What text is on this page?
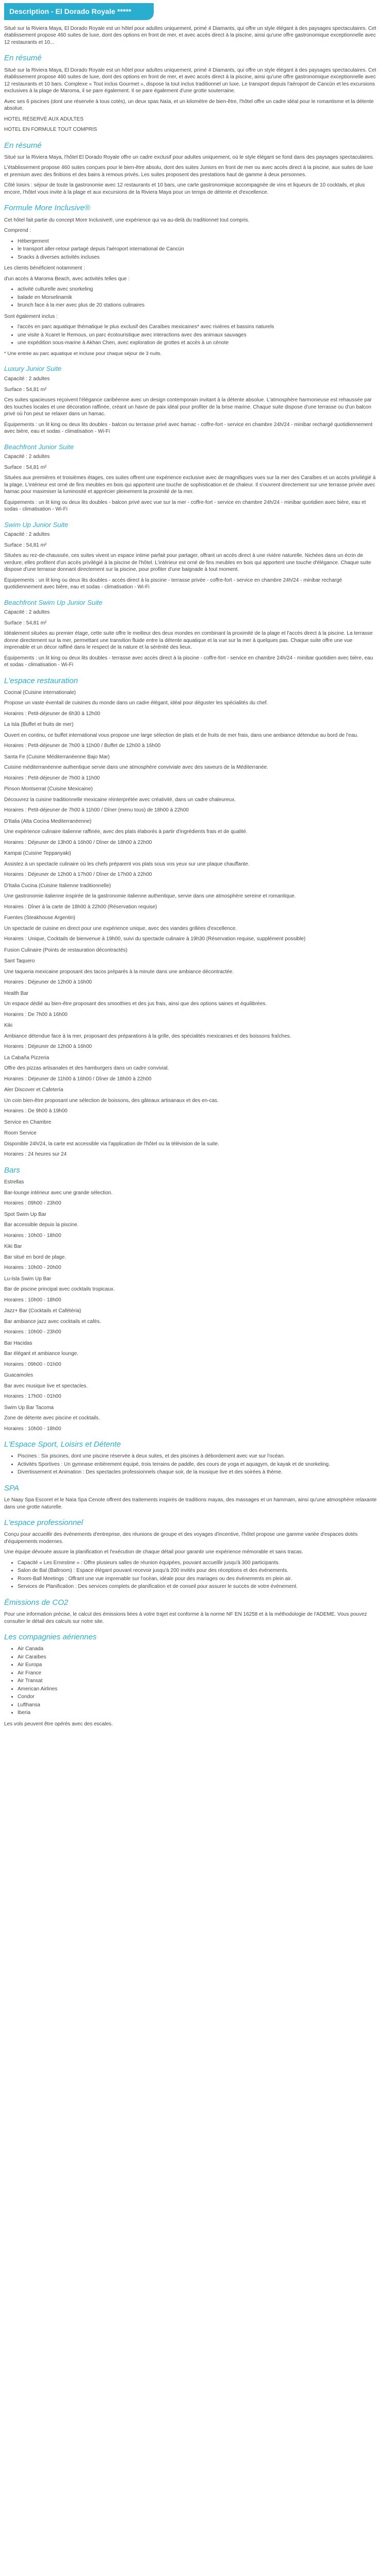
Description - El Dorado Royale *****

Situé sur la Riviera Maya, El Dorado Royale est un hôtel pour adultes uniquement, primé 4 Diamants, qui offre un style élégant à des paysages spectaculaires. Cet établissement propose 460 suites de luxe, dont des options en front de mer, et avec accès direct à la piscine, ainsi qu'une offre gastronomique exceptionnelle avec 12 restaurants et 10...

En résumé

Situé sur la Riviera Maya, El Dorado Royale est un hôtel pour adultes uniquement, primé 4 Diamants, qui offre un style élégant à des paysages spectaculaires. Cet établissement propose 460 suites de luxe, dont des options en front de mer, et avec accès direct à la piscine, ainsi qu'une offre gastronomique exceptionnelle avec 12 restaurants et 10 bars. Complexe « Tout inclus Gourmet », dispose la tout inclus traditionnel un luxe. Le transport depuis l'aéroport de Cancún et les excursions exclusives à la plage de Maroma, il se pare également. Il se pare également d'une grotte souterraine.

Avec ses 6 piscines (dont une réservée à tous cotés), un deux spas Naïa, et un kilomètre de bien-être, l'hôtel offre un cadre idéal pour le romantisme et la détente absolue.

HOTEL RÉSERVÉ AUX ADULTES

HOTEL EN FORMULE TOUT COMPRIS

En résumé

Situé sur la Riviera Maya, l'hôtel El Dorado Royale offre un cadre exclusif pour adultes uniquement, où le style élégant se fond dans des paysages spectaculaires.

L'établissement propose 460 suites conçues pour le bien-être absolu, dont des suites Juniors en front de mer ou avec accès direct à la piscine, aux suites de luxe et premium avec des finitions et des bains à remous privés. Les suites proposent des prestations haut de gamme à deux personnes.

Côté loisirs : séjour de toute la gastronomie avec 12 restaurants et 10 bars, une carte gastronomique accompagnée de vins et liqueurs de 10 cocktails, et plus encore, l'hôtel vous invite à la plage et aux excursions de la Riviera Maya pour un temps de détente et d'excellence.

Formule More Inclusive®

Cet hôtel fait partie du concept More Inclusive®, une expérience qui va au-delà du traditionnel tout compris.

Comprend :

• Hébergement
• le transport aller-retour partagé depuis l'aéroport international de Cancún
• Snacks à diverses activités incluses

Les clients bénéficient notamment :

d'un accès à Maroma Beach, avec activités telles que :

• activité culturelle avec snorkeling
• balade en Morselinamik
• brunch face à la mer avec plus de 20 stations culinaires

Sont également inclus :

• l'accès en parc aquatique thématique le plus exclusif des Caraïbes mexicaines* avec rivières et bassins naturels
• une visite à Xcaret le Remous, un parc écotouristique avec interactions avec des animaux sauvages
• une expédition sous-marine à Akhan Chen, avec exploration de grottes et accès à un cénote

* Une entrée au parc aquatique et incluse pour chaque séjour de 3 nuits.

Luxury Junior Suite

Capacité : 2 adultes

Surface : 54,81 m²

Ces suites spacieuses reçoivent l'élégance caribéenne avec un design contemporain invitant à la détente absolue. L'atmosphère harmonieuse est rehaussée par des touches locales et une décoration raffinée, créant un havre de paix idéal pour profiter de la brise marine. Chaque suite dispose d'une terrasse ou d'un balcon privé où l'on peut se relaxer dans un hamac.

Équipements : un lit king ou deux lits doubles - balcon ou terrasse privé avec hamac - coffre-fort - service en chambre 24h/24 - minibar rechargé quotidiennement avec bière, eau et sodas - climatisation - Wi-Fi

Beachfront Junior Suite

Capacité : 2 adultes

Surface : 54,81 m²

Situées aux premières et troisièmes étages, ces suites offrent une expérience exclusive avec de magnifiques vues sur la mer des Caraïbes et un accès privilégié à la plage. L'intérieur est orné de fins meubles en bois qui apportent une touche de sophistication et de chaleur. Il s'ouvrent directement sur une terrasse privée avec hamac pour maximiser la luminosité et apprécier pleinement la proximité de la mer.

Équipements : un lit king ou deux lits doubles - balcon privé avec vue sur la mer - coffre-fort - service en chambre 24h/24 - minibar quotidien avec bière, eau et sodas - climatisation - Wi-Fi

Swim Up Junior Suite

Capacité : 2 adultes

Surface : 54,81 m²

Situées au rez-de-chaussée, ces suites vivent un espace intime parfait pour partager, offrant un accès direct à une rivière naturelle. Nichées dans un écrin de verdure, elles profitent d'un accès privilégié à la piscine de l'hôtel. L'intérieur est orné de fins meubles en bois qui apportent une touche d'élégance. Chaque suite dispose d'une terrasse donnant directement sur la piscine, pour profiter d'une baignade à tout moment.

Équipements : un lit king ou deux lits doubles - accès direct à la piscine - terrasse privée - coffre-fort - service en chambre 24h/24 - minibar rechargé quotidiennement avec bière, eau et sodas - climatisation - Wi-Fi

Beachfront Swim Up Junior Suite

Capacité : 2 adultes

Surface : 54,81 m²

Idéalement situées au premier étage, cette suite offre le meilleur des deux mondes en combinant la proximité de la plage et l'accès direct à la piscine. La terrasse donne directement sur la mer, permettant une transition fluide entre la détente aquatique et la vue sur la mer à quelques pas. Chaque suite offre une vue imprenable et un décor raffiné dans le respect de la nature et la sérénité des lieux.

Équipements : un lit king ou deux lits doubles - terrasse avec accès direct à la piscine - coffre-fort - service en chambre 24h/24 - minibar quotidien avec bière, eau et sodas - climatisation - Wi-Fi

L'espace restauration

Cocinal (Cuisine internationale)

Propose un vaste éventail de cuisines du monde dans un cadre élégant, idéal pour déguster les spécialités du chef.

Horaires : Petit-déjeuner de 6h30 à 12h00

La Isla (Buffet et fruits de mer)

Ouvert en continu, ce buffet international vous propose une large sélection de plats et de fruits de mer frais, dans une ambiance détendue au bord de l'eau.

Horaires : Petit-déjeuner de 7h00 à 11h00 / Buffet de 12h00 à 16h00

Santa Fe (Cuisine Méditerranéenne Bajo Mar)

Cuisine méditerranéenne authentique servie dans une atmosphère conviviale avec des saveurs de la Méditerranée.

Horaires : Petit-déjeuner de 7h00 à 11h00

Pinson Montserrat (Cuisine Mexicaine)

Découvrez la cuisine traditionnelle mexicaine réinterprétée avec créativité, dans un cadre chaleureux.

Horaires : Petit-déjeuner de 7h00 à 11h00 / Dîner (menu tous) de 18h00 à 22h00

D'Italia (Alta Cocina Mediterranéenne)

Une expérience culinaire italienne raffinée, avec des plats élaborés à partir d'ingrédients frais et de qualité.

Horaires : Déjeuner de 13h00 à 16h00 / Dîner de 18h00 à 22h00

Kampai (Cuisine Teppanyaki)

Assistez à un spectacle culinaire où les chefs préparent vos plats sous vos yeux sur une plaque chauffante.

Horaires : Déjeuner de 12h00 à 17h00 / Dîner de 17h00 à 22h00

D'Italia Cucina (Cuisine Italienne traditionnelle)

Une gastronomie italienne inspirée de la gastronomie italienne authentique, servie dans une atmosphère sereine et romantique.

Horaires : Dîner à la carte de 18h00 à 22h00 (Réservation requise)

Fuentes (Steakhouse Argentin)

Un spectacle de cuisine en direct pour une expérience unique, avec des viandes grillées d'excellence.

Horaires : Unique, Cocktails de bienvenue à 19h00, suivi du spectacle culinaire à 19h30 (Réservation requise, supplément possible)

Fusion Culinaire (Points de restauration décontractés)

Sant Taquero

Une taqueria mexicaine proposant des tacos préparés à la minute dans une ambiance décontractée.

Horaires : Déjeuner de 12h00 à 16h00

Health Bar

Un espace dédié au bien-être proposant des smoothies et des jus frais, ainsi que des options saines et équilibrées.

Horaires : De 7h00 à 16h00

Kiki

Ambiance détendue face à la mer, proposant des préparations à la grille, des spécialités mexicaines et des boissons fraîches.

Horaires : Déjeuner de 12h00 à 16h00

La Cabaña Pizzeria

Offre des pizzas artisanales et des hamburgers dans un cadre convivial.

Horaires : Déjeuner de 11h00 à 16h00 / Dîner de 18h00 à 22h00

Aler Discover et Cafetería

Un coin bien-être proposant une sélection de boissons, des gâteaux artisanaux et des en-cas.

Horaires : De 9h00 à 19h00

Service en Chambre

Room Service

Disponible 24h/24, la carte est accessible via l'application de l'hôtel ou la télévision de la suite.

Horaires : 24 heures sur 24

Bars

Estrellas

Bar-lounge intérieur avec une grande sélection.

Horaires : 09h00 - 23h00

Spot Swim Up Bar

Bar accessible depuis la piscine.

Horaires : 10h00 - 18h00

Kiki Bar

Bar situé en bord de plage.

Horaires : 10h00 - 20h00

Lu-Isla Swim Up Bar

Bar de piscine principal avec cocktails tropicaux.

Horaires : 10h00 - 18h00

Jazz+ Bar (Cocktails et Cafétéria)

Bar ambiance jazz avec cocktails et cafés.

Horaires : 10h00 - 23h00

Bar Hacidas

Bar élégant et ambiance lounge.

Horaires : 09h00 - 01h00

Guacamoles

Bar avec musique live et spectacles.

Horaires : 17h00 - 01h00

Swim Up Bar Tacoma

Zone de détente avec piscine et cocktails.

Horaires : 10h00 - 18h00

L'Espace Sport, Loisirs et Détente
• Piscines : Six piscines, dont une piscine réservée à deux suites, et des piscines à débordement avec vue sur l'océan.
• Activités Sportives : Un gymnase entièrement équipé, trois terrains de paddle, des cours de yoga et aquagym, de kayak et de snorkeling.
• Divertissement et Animation : Des spectacles professionnels chaque soir, de la musique live et des soirées à thème.
SPA

Le Naay Spa Escoret et le Naïa Spa Cenote offrent des traitements inspirés de traditions mayas, des massages et un hammam, ainsi qu'une atmosphère relaxante dans une grotte naturelle.

L'espace professionnel

Conçu pour accueillir des événements d'entreprise, des réunions de groupe et des voyages d'incentive, l'hôtel propose une gamme variée d'espaces dotés d'équipements modernes.

Une équipe dévouée assure la planification et l'exécution de chaque détail pour garantir une expérience mémorable et sans tracas.

• Capacité « Les Ernestine » : Offre plusieurs salles de réunion équipées, pouvant accueillir jusqu'à 300 participants.
• Salon de Bal (Ballroom) : Espace élégant pouvant recevoir jusqu'à 200 invités pour des réceptions et des événements.
• Room-Ball Meetings : Offrant une vue imprenable sur l'océan, idéale pour des mariages ou des événements en plein air.
• Services de Planification : Des services complets de planification et de conseil pour assurer le succès de votre événement.
Émissions de CO2

Pour une information précise, le calcul des émissions liées à votre trajet est conforme à la norme NF EN 16258 et à la méthodologie de l'ADEME. Vous pouvez consulter le détail des calculs sur notre site.

Les compagnies aériennes
• Air Canada
• Air Caraïbes
• Air Europa
• Air France
• Air Transat
• American Airlines
• Condor
• Lufthansa
• Iberia

Les vols peuvent être opérés avec des escales.
